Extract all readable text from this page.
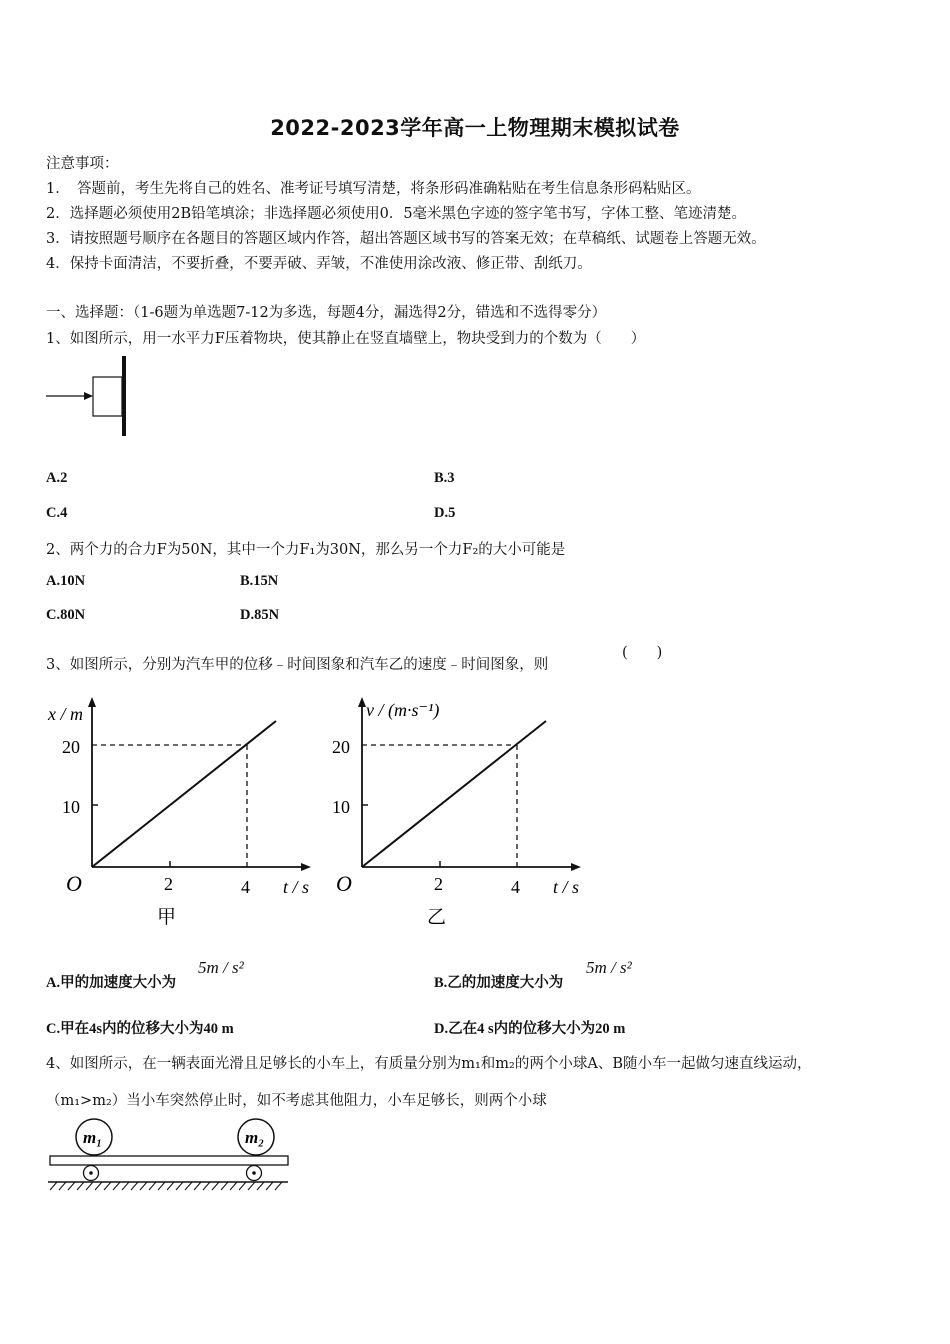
2022-2023学年高一上物理期末模拟试卷
注意事项：
1．　答题前，考生先将自己的姓名、准考证号填写清楚，将条形码准确粘贴在考生信息条形码粘贴区。
2．选择题必须使用2B铅笔填涂；非选择题必须使用0．5毫米黑色字迹的签字笔书写，字体工整、笔迹清楚。
3．请按照题号顺序在各题目的答题区域内作答，超出答题区域书写的答案无效；在草稿纸、试题卷上答题无效。
4．保持卡面清洁，不要折叠，不要弄破、弄皱，不准使用涂改液、修正带、刮纸刀。
一、选择题：（1-6题为单选题7-12为多选，每题4分，漏选得2分，错选和不选得零分）
1、如图所示，用一水平力F压着物块，使其静止在竖直墙壁上，物块受到力的个数为（　　）
A.2	B.3
C.4	D.5
2、两个力的合力F为50N，其中一个力F₁为30N，那么另一个力F₂的大小可能是
A.10N	B.15N
C.80N	D.85N
3、如图所示，分别为汽车甲的位移﹣时间图象和汽车乙的速度﹣时间图象，则
(　　)
x / m
20
10
O	2	4 t / s
甲
v / (m·s⁻¹)
20
10
O	2	4 t / s
乙
A.甲的加速度大小为
5m / s²
B.乙的加速度大小为
5m / s²
C.甲在4s内的位移大小为40 m	D.乙在4 s内的位移大小为20 m
4、如图所示，在一辆表面光滑且足够长的小车上，有质量分别为m₁和m₂的两个小球A、B随小车一起做匀速直线运动，
（m₁>m₂）当小车突然停止时，如不考虑其他阻力，小车足够长，则两个小球
m₁	m₂
